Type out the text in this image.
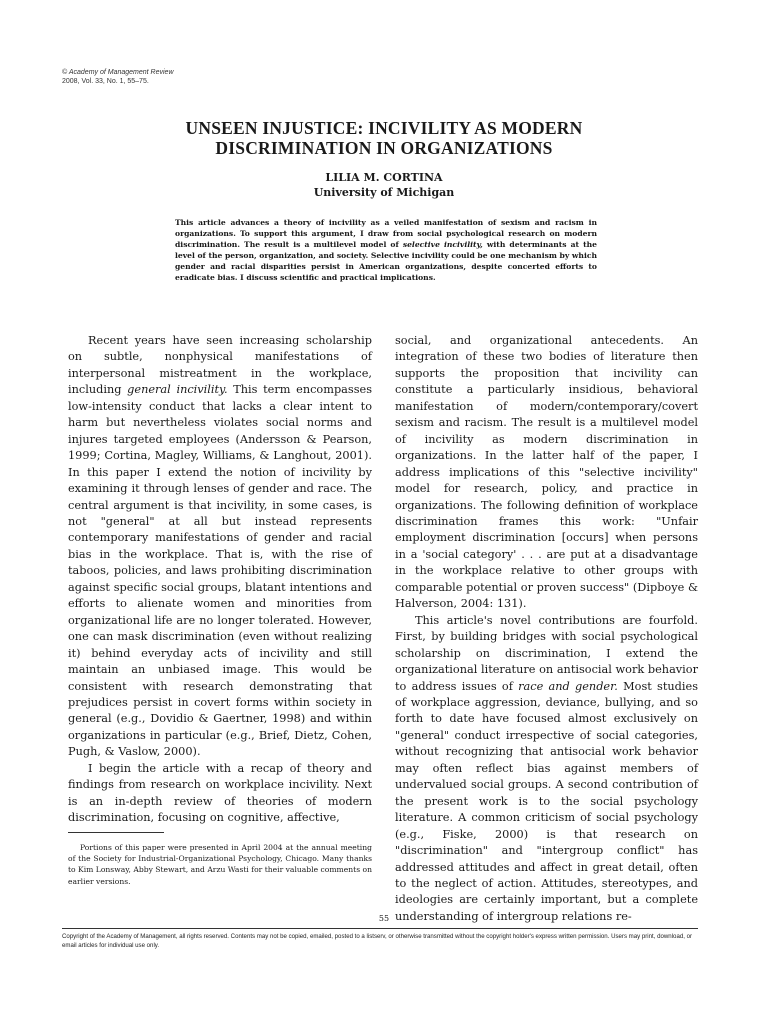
© Academy of Management Review
2008, Vol. 33, No. 1, 55–75.
UNSEEN INJUSTICE: INCIVILITY AS MODERN
DISCRIMINATION IN ORGANIZATIONS
LILIA M. CORTINA
University of Michigan
This article advances a theory of incivility as a veiled manifestation of sexism and racism in organizations. To support this argument, I draw from social psychological research on modern discrimination. The result is a multilevel model of selective incivility, with determinants at the level of the person, organization, and society. Selective incivility could be one mechanism by which gender and racial disparities persist in American organizations, despite concerted efforts to eradicate bias. I discuss scientific and practical implications.

Recent years have seen increasing scholarship on subtle, nonphysical manifestations of interpersonal mistreatment in the workplace, including general incivility. This term encompasses low-intensity conduct that lacks a clear intent to harm but nevertheless violates social norms and injures targeted employees (Andersson & Pearson, 1999; Cortina, Magley, Williams, & Langhout, 2001). In this paper I extend the notion of incivility by examining it through lenses of gender and race. The central argument is that incivility, in some cases, is not "general" at all but instead represents contemporary manifestations of gender and racial bias in the workplace. That is, with the rise of taboos, policies, and laws prohibiting discrimination against specific social groups, blatant intentions and efforts to alienate women and minorities from organizational life are no longer tolerated. However, one can mask discrimination (even without realizing it) behind everyday acts of incivility and still maintain an unbiased image. This would be consistent with research demonstrating that prejudices persist in covert forms within society in general (e.g., Dovidio & Gaertner, 1998) and within organizations in particular (e.g., Brief, Dietz, Cohen, Pugh, & Vaslow, 2000).

I begin the article with a recap of theory and findings from research on workplace incivility. Next is an in-depth review of theories of modern discrimination, focusing on cognitive, affective,

social, and organizational antecedents. An integration of these two bodies of literature then supports the proposition that incivility can constitute a particularly insidious, behavioral manifestation of modern/contemporary/covert sexism and racism. The result is a multilevel model of incivility as modern discrimination in organizations. In the latter half of the paper, I address implications of this "selective incivility" model for research, policy, and practice in organizations. The following definition of workplace discrimination frames this work: "Unfair employment discrimination [occurs] when persons in a 'social category' . . . are put at a disadvantage in the workplace relative to other groups with comparable potential or proven success" (Dipboye & Halverson, 2004: 131).

This article's novel contributions are fourfold. First, by building bridges with social psychological scholarship on discrimination, I extend the organizational literature on antisocial work behavior to address issues of race and gender. Most studies of workplace aggression, deviance, bullying, and so forth to date have focused almost exclusively on "general" conduct irrespective of social categories, without recognizing that antisocial work behavior may often reflect bias against members of undervalued social groups. A second contribution of the present work is to the social psychology literature. A common criticism of social psychology (e.g., Fiske, 2000) is that research on "discrimination" and "intergroup conflict" has addressed attitudes and affect in great detail, often to the neglect of action. Attitudes, stereotypes, and ideologies are certainly important, but a complete understanding of intergroup relations re-

Portions of this paper were presented in April 2004 at the annual meeting of the Society for Industrial-Organizational Psychology, Chicago. Many thanks to Kim Lonsway, Abby Stewart, and Arzu Wasti for their valuable comments on earlier versions.
55
Copyright of the Academy of Management, all rights reserved. Contents may not be copied, emailed, posted to a listserv, or otherwise transmitted without the copyright holder's express written permission. Users may print, download, or email articles for individual use only.
